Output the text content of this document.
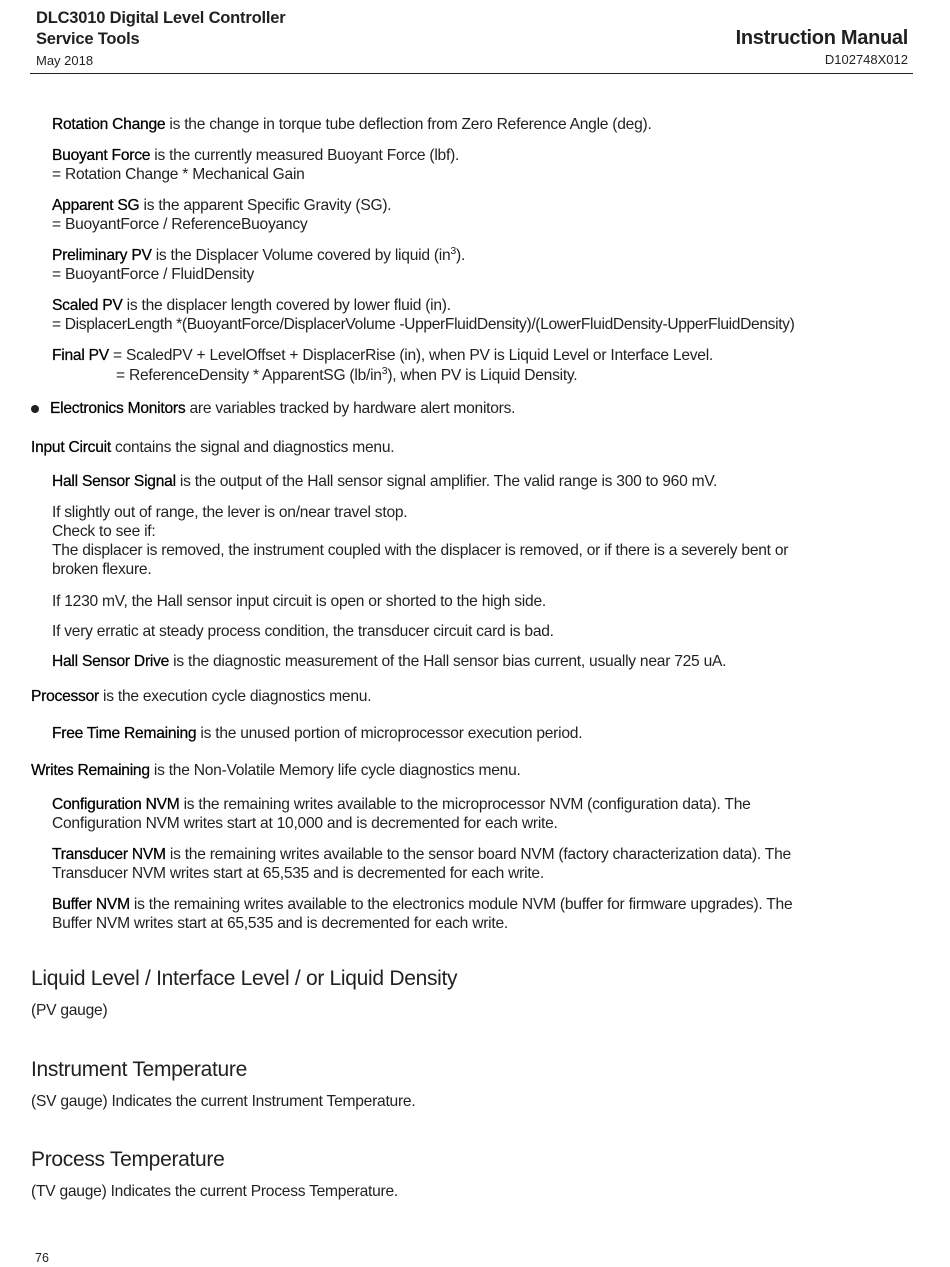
DLC3010 Digital Level Controller
Service Tools
May 2018
Instruction Manual
D102748X012
Rotation Change is the change in torque tube deflection from Zero Reference Angle (deg).
Buoyant Force is the currently measured Buoyant Force (lbf).
= Rotation Change * Mechanical Gain
Apparent SG is the apparent Specific Gravity (SG).
= BuoyantForce / ReferenceBuoyancy
Preliminary PV is the Displacer Volume covered by liquid $(in^3)$.
= BuoyantForce / FluidDensity
Scaled PV is the displacer length covered by lower fluid (in).
= DisplacerLength *(BuoyantForce/DisplacerVolume -UpperFluidDensity)/(LowerFluidDensity-UpperFluidDensity)
Final PV = ScaledPV + LevelOffset + DisplacerRise (in), when PV is Liquid Level or Interface Level.
= ReferenceDensity * ApparentSG $(lb/in^3)$, when PV is Liquid Density.
Electronics Monitors are variables tracked by hardware alert monitors.
Input Circuit contains the signal and diagnostics menu.
Hall Sensor Signal is the output of the Hall sensor signal amplifier. The valid range is 300 to 960 mV.
If slightly out of range, the lever is on/near travel stop.
Check to see if:
The displacer is removed, the instrument coupled with the displacer is removed, or if there is a severely bent or
broken flexure.
If 1230 mV, the Hall sensor input circuit is open or shorted to the high side.
If very erratic at steady process condition, the transducer circuit card is bad.
Hall Sensor Drive is the diagnostic measurement of the Hall sensor bias current, usually near 725 uA.
Processor is the execution cycle diagnostics menu.
Free Time Remaining is the unused portion of microprocessor execution period.
Writes Remaining is the Non-Volatile Memory life cycle diagnostics menu.
Configuration NVM is the remaining writes available to the microprocessor NVM (configuration data). The
Configuration NVM writes start at 10,000 and is decremented for each write.
Transducer NVM is the remaining writes available to the sensor board NVM (factory characterization data). The
Transducer NVM writes start at 65,535 and is decremented for each write.
Buffer NVM is the remaining writes available to the electronics module NVM (buffer for firmware upgrades). The
Buffer NVM writes start at 65,535 and is decremented for each write.
Liquid Level / Interface Level / or Liquid Density
(PV gauge)
Instrument Temperature
(SV gauge) Indicates the current Instrument Temperature.
Process Temperature
(TV gauge) Indicates the current Process Temperature.
76
